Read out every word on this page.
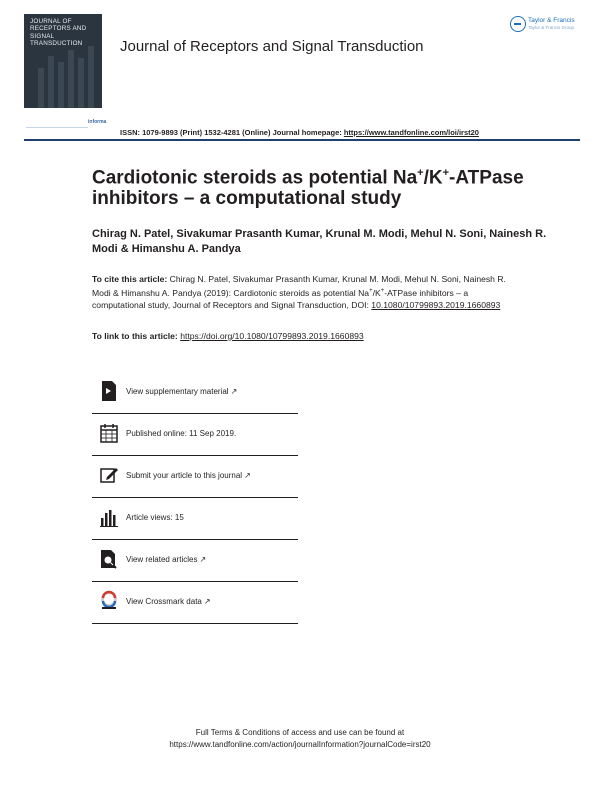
JOURNAL OF RECEPTORS AND SIGNAL TRANSDUCTION
informa
Journal of Receptors and Signal Transduction
Taylor & Francis
Taylor & Francis Group
ISSN: 1079-9893 (Print) 1532-4281 (Online) Journal homepage: https://www.tandfonline.com/loi/irst20
Cardiotonic steroids as potential Na+/K+-ATPase inhibitors – a computational study
Chirag N. Patel, Sivakumar Prasanth Kumar, Krunal M. Modi, Mehul N. Soni, Nainesh R. Modi & Himanshu A. Pandya
To cite this article: Chirag N. Patel, Sivakumar Prasanth Kumar, Krunal M. Modi, Mehul N. Soni, Nainesh R. Modi & Himanshu A. Pandya (2019): Cardiotonic steroids as potential Na+/K+-ATPase inhibitors – a computational study, Journal of Receptors and Signal Transduction, DOI: 10.1080/10799893.2019.1660893
To link to this article: https://doi.org/10.1080/10799893.2019.1660893
View supplementary material ↗
Published online: 11 Sep 2019.
Submit your article to this journal ↗
Article views: 15
View related articles ↗
View Crossmark data ↗
Full Terms & Conditions of access and use can be found at
https://www.tandfonline.com/action/journalInformation?journalCode=irst20
